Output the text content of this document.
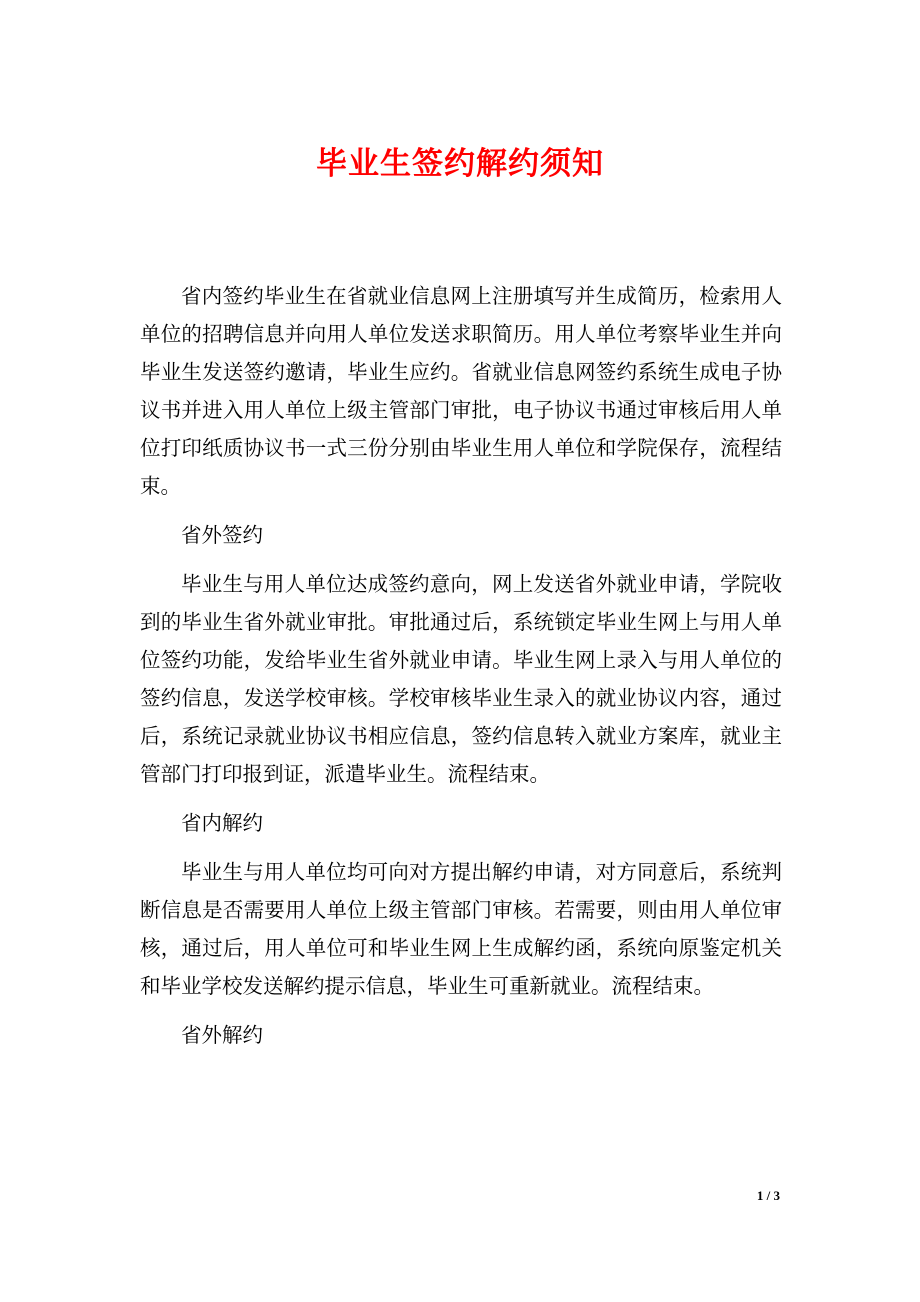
毕业生签约解约须知

省内签约毕业生在省就业信息网上注册填写并生成简历，检索用人单位的招聘信息并向用人单位发送求职简历。用人单位考察毕业生并向毕业生发送签约邀请，毕业生应约。省就业信息网签约系统生成电子协议书并进入用人单位上级主管部门审批，电子协议书通过审核后用人单位打印纸质协议书一式三份分别由毕业生用人单位和学院保存，流程结束。

省外签约

毕业生与用人单位达成签约意向，网上发送省外就业申请，学院收到的毕业生省外就业审批。审批通过后，系统锁定毕业生网上与用人单位签约功能，发给毕业生省外就业申请。毕业生网上录入与用人单位的签约信息，发送学校审核。学校审核毕业生录入的就业协议内容，通过后，系统记录就业协议书相应信息，签约信息转入就业方案库，就业主管部门打印报到证，派遣毕业生。流程结束。

省内解约

毕业生与用人单位均可向对方提出解约申请，对方同意后，系统判断信息是否需要用人单位上级主管部门审核。若需要，则由用人单位审核，通过后，用人单位可和毕业生网上生成解约函，系统向原鉴定机关和毕业学校发送解约提示信息，毕业生可重新就业。流程结束。

省外解约

1 / 3
